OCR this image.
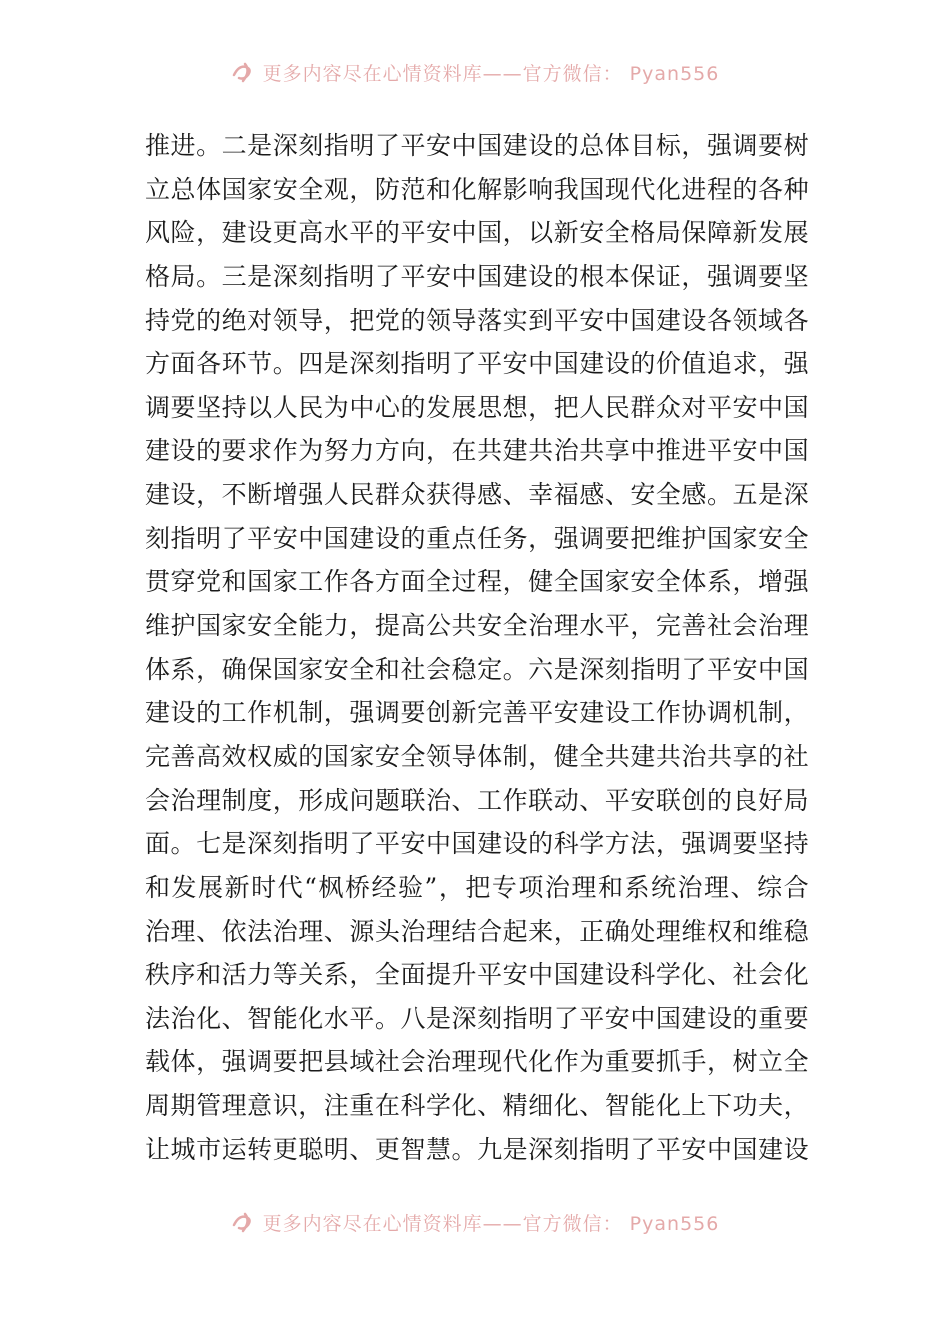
更多内容尽在心情资料库——官方微信： Pyan556
推进。二是深刻指明了平安中国建设的总体目标，强调要树
立总体国家安全观，防范和化解影响我国现代化进程的各种
风险，建设更高水平的平安中国，以新安全格局保障新发展
格局。三是深刻指明了平安中国建设的根本保证，强调要坚
持党的绝对领导，把党的领导落实到平安中国建设各领域各
方面各环节。四是深刻指明了平安中国建设的价值追求，强
调要坚持以人民为中心的发展思想，把人民群众对平安中国
建设的要求作为努力方向，在共建共治共享中推进平安中国
建设，不断增强人民群众获得感、幸福感、安全感。五是深
刻指明了平安中国建设的重点任务，强调要把维护国家安全
贯穿党和国家工作各方面全过程，健全国家安全体系，增强
维护国家安全能力，提高公共安全治理水平，完善社会治理
体系，确保国家安全和社会稳定。六是深刻指明了平安中国
建设的工作机制，强调要创新完善平安建设工作协调机制，
完善高效权威的国家安全领导体制，健全共建共治共享的社
会治理制度，形成问题联治、工作联动、平安联创的良好局
面。七是深刻指明了平安中国建设的科学方法，强调要坚持
和发展新时代“枫桥经验”，把专项治理和系统治理、综合
治理、依法治理、源头治理结合起来，正确处理维权和维稳
秩序和活力等关系，全面提升平安中国建设科学化、社会化
法治化、智能化水平。八是深刻指明了平安中国建设的重要
载体，强调要把县域社会治理现代化作为重要抓手，树立全
周期管理意识，注重在科学化、精细化、智能化上下功夫，
让城市运转更聪明、更智慧。九是深刻指明了平安中国建设
更多内容尽在心情资料库——官方微信： Pyan556
